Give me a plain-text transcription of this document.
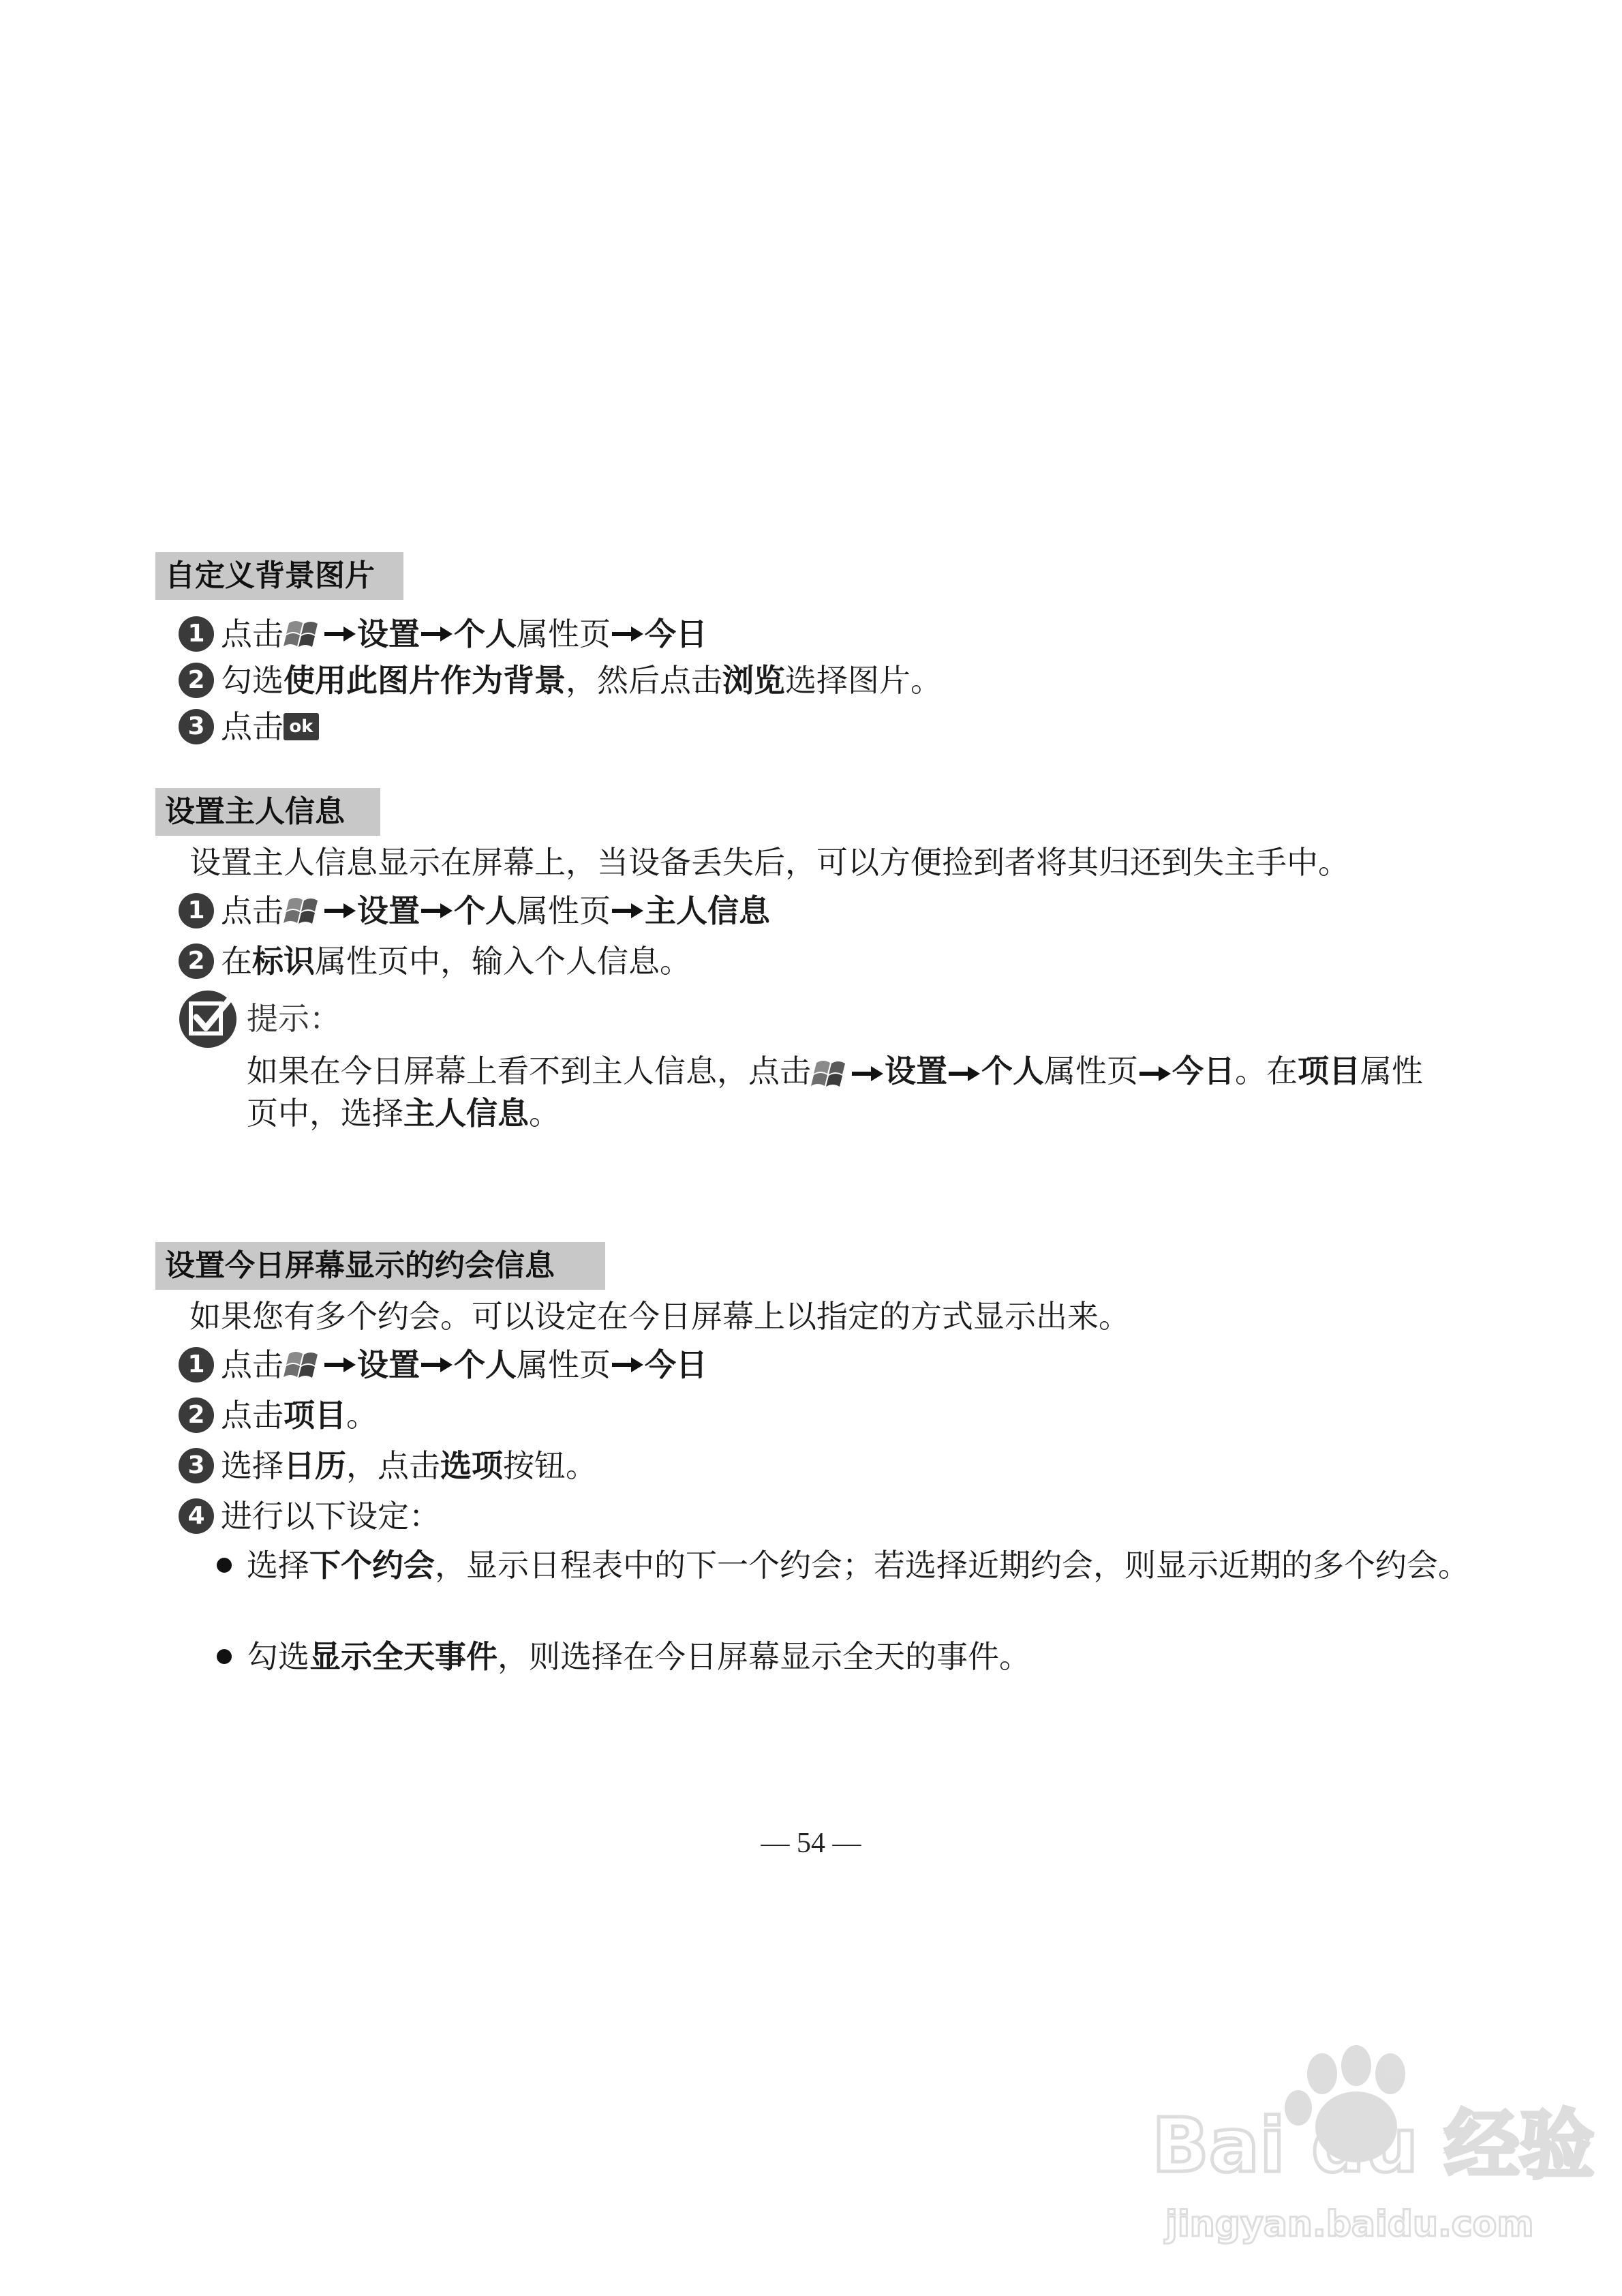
自定义背景图片
1 点击 设置 个人 属性页 今日
2 勾选 使用此图片作为背景 ，然后点击 浏览 选择图片。
3 点击 ok
设置主人信息
设置主人信息显示在屏幕上，当设备丢失后，可以方便捡到者将其归还到失主手中。
1 点击 设置 个人 属性页 主人信息
2 在 标识 属性页中，输入个人信息。
提示：
如果在今日屏幕上看不到主人信息，点击 设置 个人属性页 今日。在项目属性
页中，选择主人信息。
设置今日屏幕显示的约会信息
如果您有多个约会。可以设定在今日屏幕上以指定的方式显示出来。
1 点击 设置 个人 属性页 今日
2 点击 项目 。
3 选择 日历 ，点击 选项 按钮。
4 进行以下设定：
选择下个约会，显示日程表中的下一个约会；若选择近期约会，则显示近期的多个约会。
勾选显示全天事件，则选择在今日屏幕显示全天的事件。
— 54 —
Bai du 经验
jingyan.baidu.com
